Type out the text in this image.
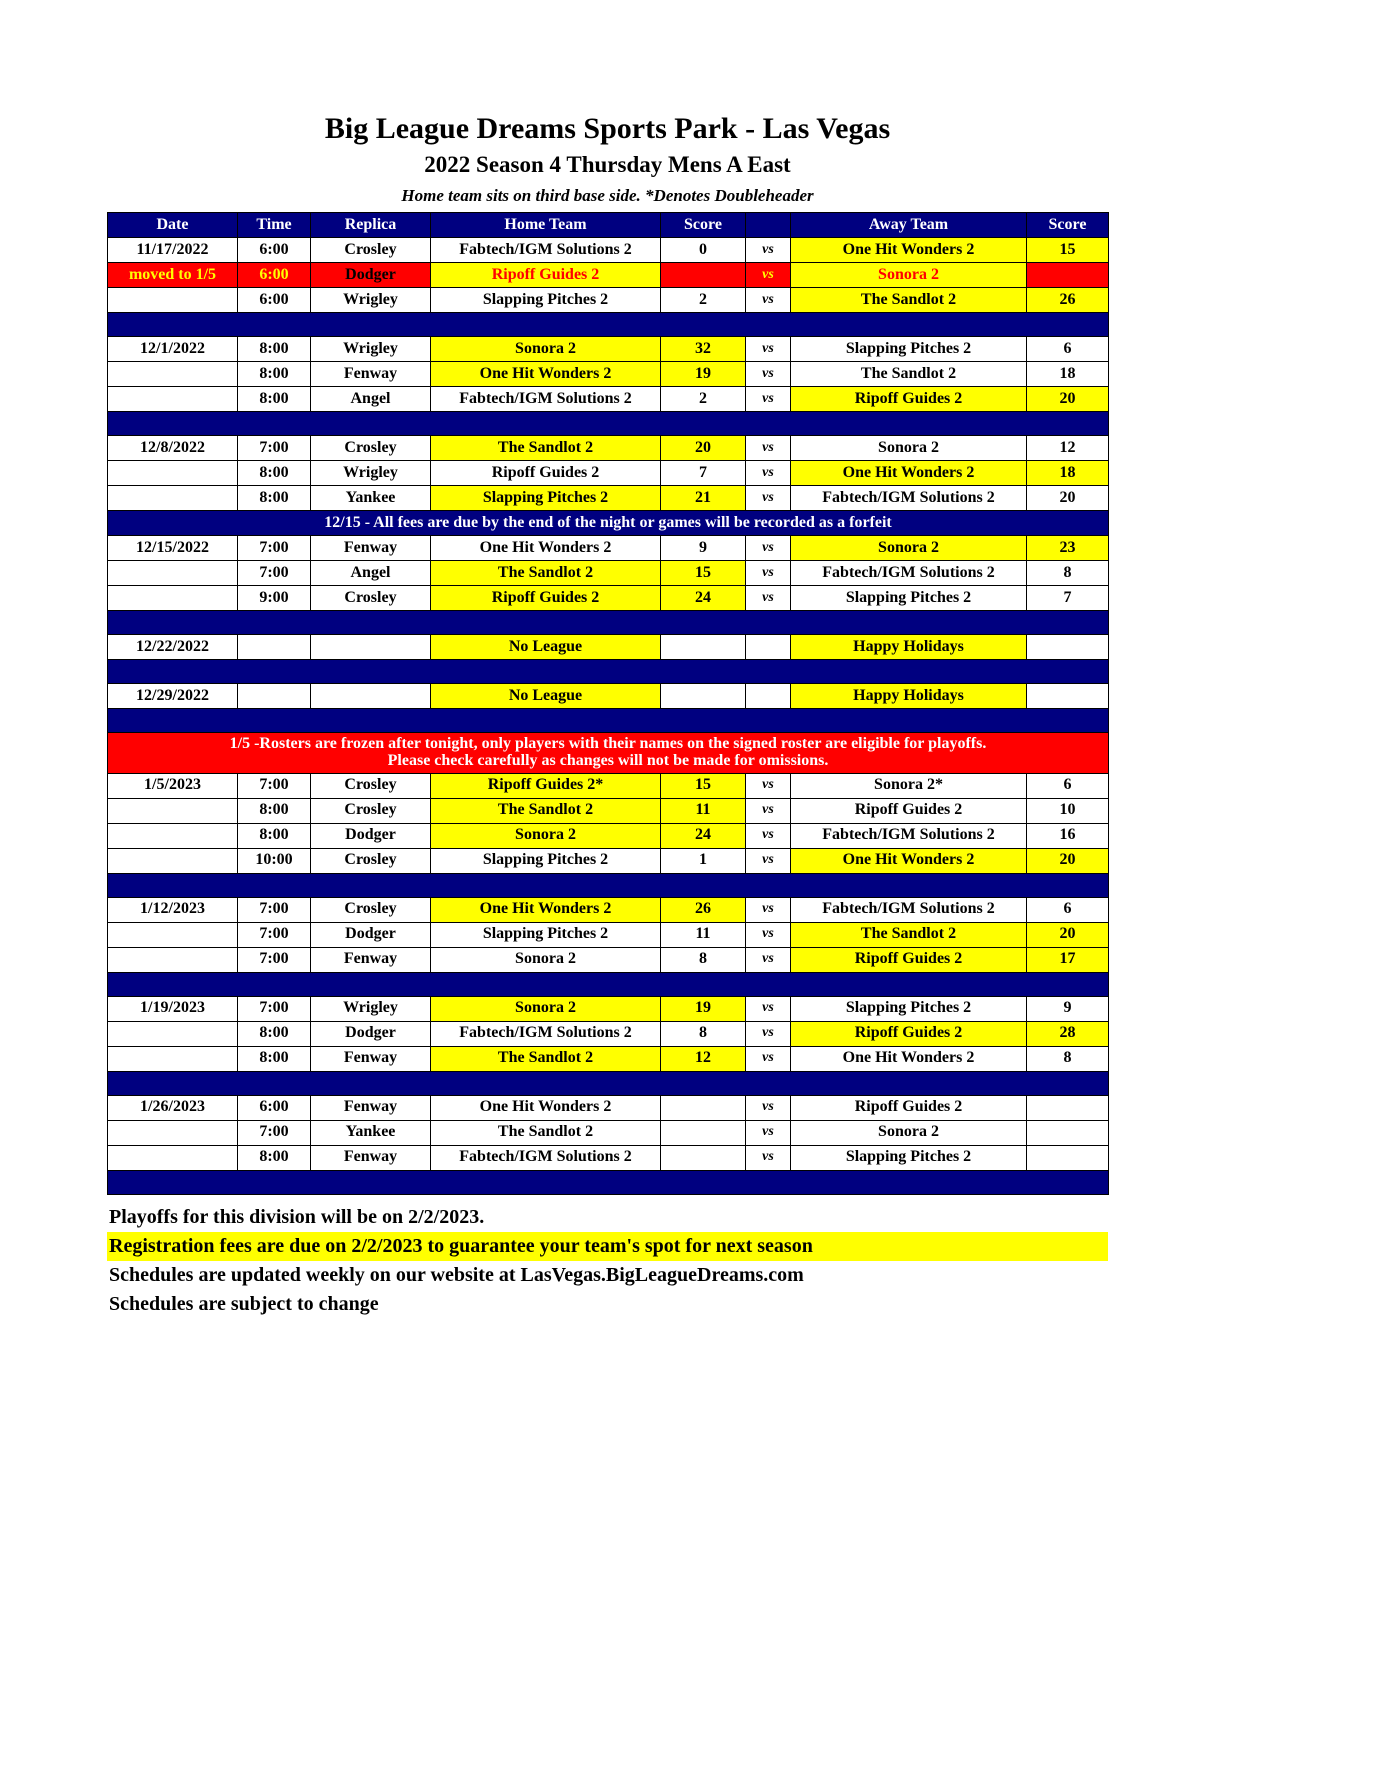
Big League Dreams Sports Park - Las Vegas
2022 Season 4 Thursday Mens A East
Home team sits on third base side. *Denotes Doubleheader
Date	Time	Replica	Home Team	Score		Away Team	Score
11/17/2022	6:00	Crosley	Fabtech/IGM Solutions 2	0	vs	One Hit Wonders 2	15
moved to 1/5	6:00	Dodger	Ripoff Guides 2		vs	Sonora 2	
	6:00	Wrigley	Slapping Pitches 2	2	vs	The Sandlot 2	26

12/1/2022	8:00	Wrigley	Sonora 2	32	vs	Slapping Pitches 2	6
	8:00	Fenway	One Hit Wonders 2	19	vs	The Sandlot 2	18
	8:00	Angel	Fabtech/IGM Solutions 2	2	vs	Ripoff Guides 2	20

12/8/2022	7:00	Crosley	The Sandlot 2	20	vs	Sonora 2	12
	8:00	Wrigley	Ripoff Guides 2	7	vs	One Hit Wonders 2	18
	8:00	Yankee	Slapping Pitches 2	21	vs	Fabtech/IGM Solutions 2	20

12/15 - All fees are due by the end of the night or games will be recorded as a forfeit							

12/15/2022	7:00	Fenway	One Hit Wonders 2	9	vs	Sonora 2	23
	7:00	Angel	The Sandlot 2	15	vs	Fabtech/IGM Solutions 2	8
	9:00	Crosley	Ripoff Guides 2	24	vs	Slapping Pitches 2	7

12/22/2022			No League			Happy Holidays	

12/29/2022			No League			Happy Holidays	

1/5 -Rosters are frozen after tonight, only players with their names on the signed roster are eligible for playoffs.
Please check carefully as changes will not be made for omissions.							

1/5/2023	7:00	Crosley	Ripoff Guides 2*	15	vs	Sonora 2*	6
	8:00	Crosley	The Sandlot 2	11	vs	Ripoff Guides 2	10
	8:00	Dodger	Sonora 2	24	vs	Fabtech/IGM Solutions 2	16
	10:00	Crosley	Slapping Pitches 2	1	vs	One Hit Wonders 2	20

1/12/2023	7:00	Crosley	One Hit Wonders 2	26	vs	Fabtech/IGM Solutions 2	6
	7:00	Dodger	Slapping Pitches 2	11	vs	The Sandlot 2	20
	7:00	Fenway	Sonora 2	8	vs	Ripoff Guides 2	17

1/19/2023	7:00	Wrigley	Sonora 2	19	vs	Slapping Pitches 2	9
	8:00	Dodger	Fabtech/IGM Solutions 2	8	vs	Ripoff Guides 2	28
	8:00	Fenway	The Sandlot 2	12	vs	One Hit Wonders 2	8

1/26/2023	6:00	Fenway	One Hit Wonders 2		vs	Ripoff Guides 2	
	7:00	Yankee	The Sandlot 2		vs	Sonora 2	
	8:00	Fenway	Fabtech/IGM Solutions 2		vs	Slapping Pitches 2	

Playoffs for this division will be on 2/2/2023.
Registration fees are due on 2/2/2023 to guarantee your team's spot for next season
Schedules are updated weekly on our website at LasVegas.BigLeagueDreams.com
Schedules are subject to change
